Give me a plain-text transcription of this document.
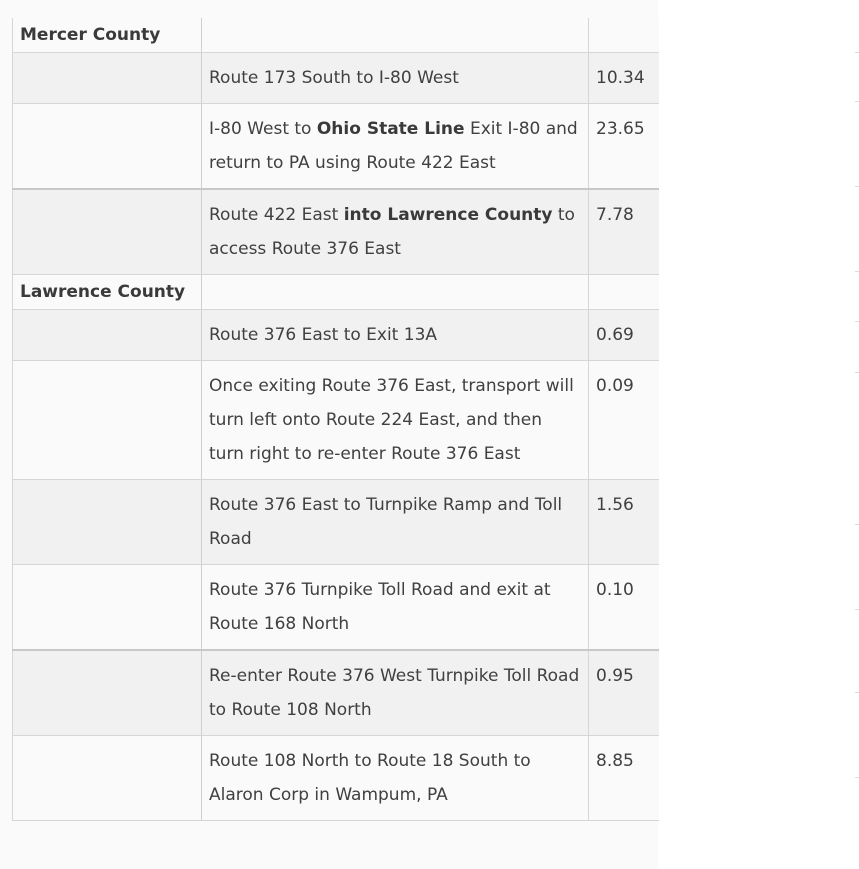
Mercer County		
	Route 173 South to I-80 West	10.34
	I-80 West to Ohio State Line Exit I-80 and return to PA using Route 422 East	23.65
	Route 422 East into Lawrence County to access Route 376 East	7.78
Lawrence County		
	Route 376 East to Exit 13A	0.69
	Once exiting Route 376 East, transport will turn left onto Route 224 East, and then turn right to re-enter Route 376 East	0.09
	Route 376 East to Turnpike Ramp and Toll Road	1.56
	Route 376 Turnpike Toll Road and exit at Route 168 North	0.10
	Re-enter Route 376 West Turnpike Toll Road to Route 108 North	0.95
	Route 108 North to Route 18 South to Alaron Corp in Wampum, PA	8.85
